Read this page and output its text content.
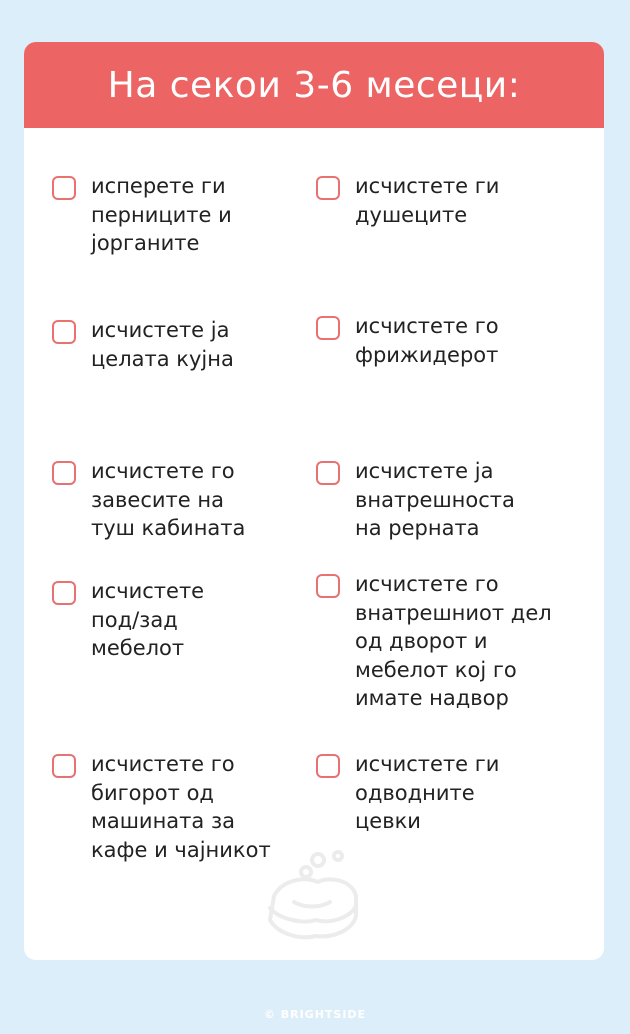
На секои 3-6 месеци:
исперете ги
перниците и
јорганите
исчистете ги
душеците
исчистете ја
целата кујна
исчистете го
фрижидерот
исчистете го
завесите на
туш кабината
исчистете ја
внатрешноста
на рерната
исчистете
под/зад
мебелот
исчистете го
внатрешниот дел
од дворот и
мебелот кој го
имате надвор
исчистете го
бигорот од
машината за
кафе и чајникот
исчистете ги
одводните
цевки
© BRIGHTSIDE
